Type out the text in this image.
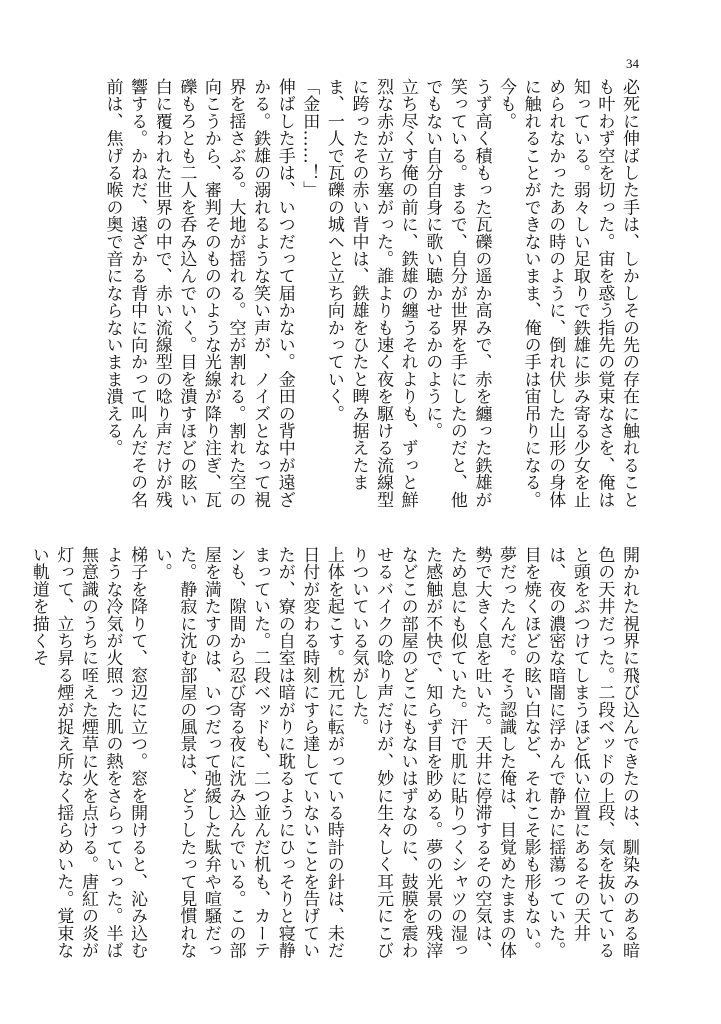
34

必死に伸ばした手は、しかしその先の存在に触れることも叶わず空を切った。宙を惑う指先の覚束なさを、俺は知っている。弱々しい足取りで鉄雄に歩み寄る少女を止められなかったあの時のように、倒れ伏した山形の身体に触れることができないまま、俺の手は宙吊りになる。今も。

うず高く積もった瓦礫の遥か高みで、赤を纏った鉄雄が笑っている。まるで、自分が世界を手にしたのだと、他でもない自分自身に歌い聴かせるかのように。

立ち尽くす俺の前に、鉄雄の纏うそれよりも、ずっと鮮烈な赤が立ち塞がった。誰よりも速く夜を駆ける流線型に跨ったその赤い背中は、鉄雄をひたと睥み据えたまま、一人で瓦礫の城へと立ち向かっていく。

「金田……！」

伸ばした手は、いつだって届かない。金田の背中が遠ざかる。鉄雄の溺れるような笑い声が、ノイズとなって視界を揺さぶる。大地が揺れる。空が割れる。割れた空の向こうから、審判そのもののような光線が降り注ぎ、瓦礫もろとも二人を呑み込んでいく。目を潰すほどの眩い白に覆われた世界の中で、赤い流線型の唸り声だけが残響する。かねだ、遠ざかる背中に向かって叫んだその名前は、焦げる喉の奥で音にならないまま潰える。

開かれた視界に飛び込んできたのは、馴染みのある暗色の天井だった。二段ベッドの上段、気を抜いていると頭をぶつけてしまうほど低い位置にあるその天井は、夜の濃密な暗闇に浮かんで静かに揺蕩っていた。目を焼くほどの眩い白など、それこそ影も形もない。夢だったんだ。そう認識した俺は、目覚めたままの体勢で大きく息を吐いた。天井に停滞するその空気は、ため息にも似ていた。汗で肌に貼りつくシャツの湿った感触が不快で、知らず目を眇める。夢の光景の残滓などこの部屋のどこにもないはずなのに、鼓膜を震わせるバイクの唸り声だけが、妙に生々しく耳元にこびりついている気がした。

上体を起こす。枕元に転がっている時計の針は、未だ日付が変わる時刻にすら達していないことを告げていたが、寮の自室は暗がりに耽るようにひっそりと寝静まっていた。二段ベッドも、二つ並んだ机も、カーテンも、隙間から忍び寄る夜に沈み込んでいる。この部屋を満たすのは、いつだって弛緩した駄弁や喧騒だった。静寂に沈む部屋の風景は、どうしたって見慣れない。

梯子を降りて、窓辺に立つ。窓を開けると、沁み込むような冷気が火照った肌の熱をさらっていった。半ば無意識のうちに咥えた煙草に火を点ける。唐紅の炎が灯って、立ち昇る煙が捉え所なく揺らめいた。覚束ない軌道を描くそ
